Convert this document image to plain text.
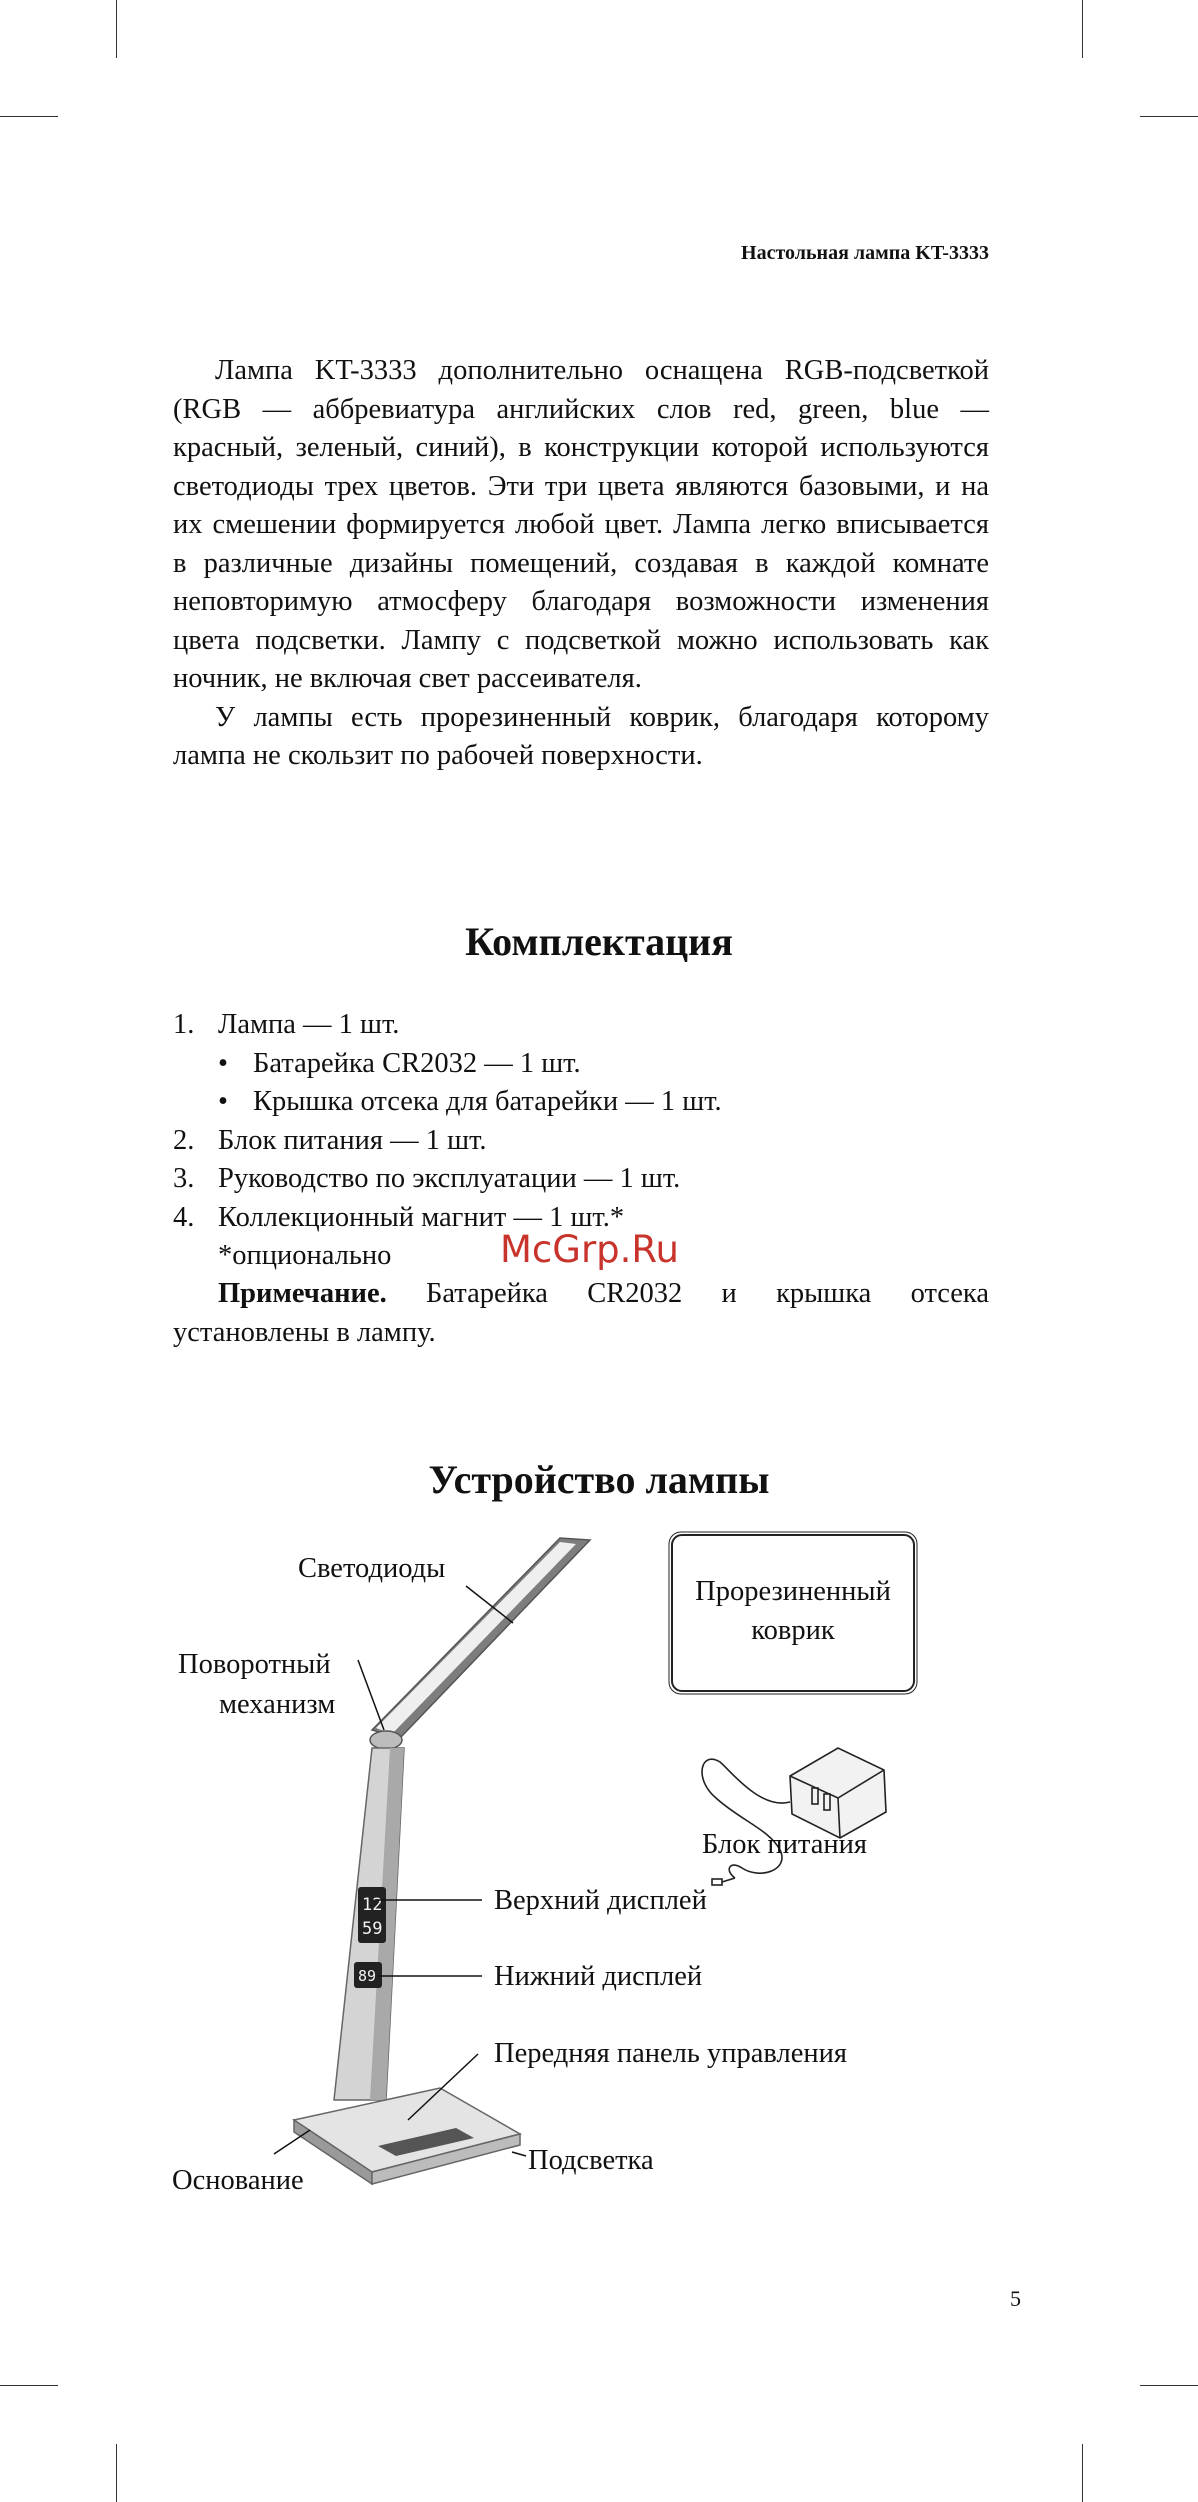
Настольная лампа KT-3333

Лампа KT-3333 дополнительно оснащена RGB-подсветкой (RGB — аббревиатура английских слов red, green, blue — красный, зеленый, синий), в конструкции которой используются светодиоды трех цветов. Эти три цвета являются базовыми, и на их смешении формируется любой цвет. Лампа легко вписывается в различные дизайны помещений, создавая в каждой комнате неповторимую атмосферу благодаря возможности изменения цвета подсветки. Лампу с подсветкой можно использовать как ночник, не включая свет рассеивателя.

У лампы есть прорезиненный коврик, благодаря которому лампа не скользит по рабочей поверхности.

Комплектация
1. Лампа — 1 шт.
• Батарейка CR2032 — 1 шт.
• Крышка отсека для батарейки — 1 шт.
2. Блок питания — 1 шт.
3. Руководство по эксплуатации — 1 шт.
4. Коллекционный магнит — 1 шт.*
*опционально
Примечание. Батарейка CR2032 и крышка отсека установлены в лампу.
McGrp.Ru
Устройство лампы
12
59
89
Светодиоды
Поворотный
механизм
Прорезиненный
коврик
Блок питания
Верхний дисплей
Нижний дисплей
Передняя панель управления
Подсветка
Основание
5
